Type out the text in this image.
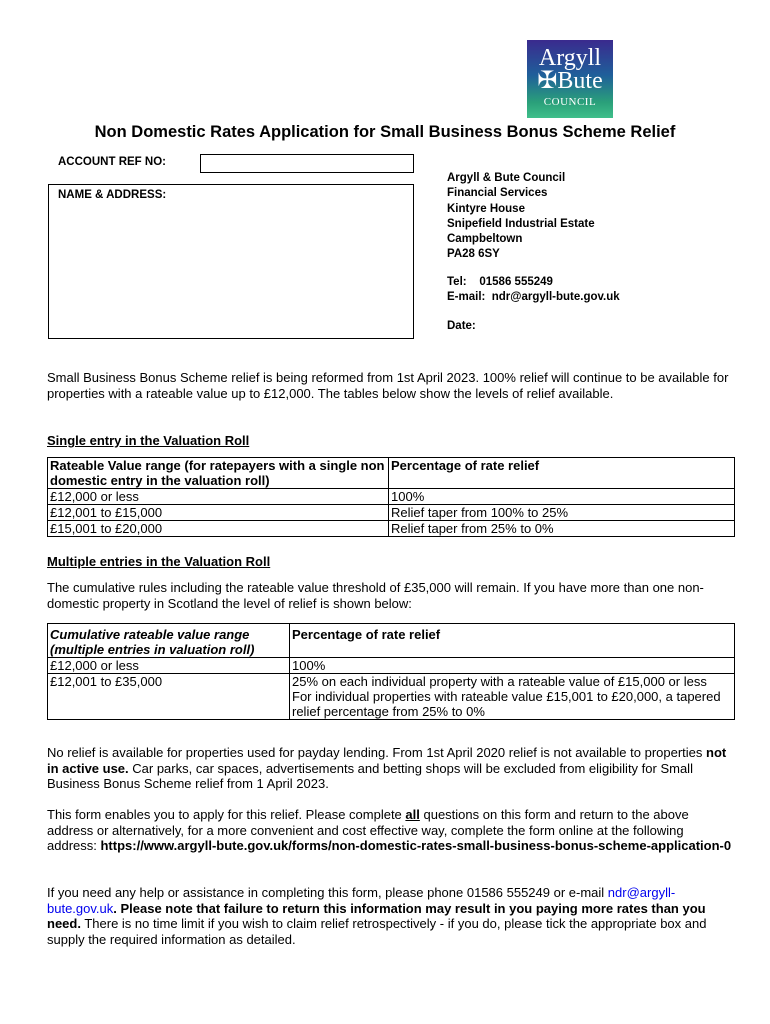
Argyll
✠Bute
COUNCIL
Non Domestic Rates Application for Small Business Bonus Scheme Relief
ACCOUNT REF NO:
NAME & ADDRESS:
Argyll & Bute Council
Financial Services
Kintyre House
Snipefield Industrial Estate
Campbeltown
PA28 6SY
Tel: 01586 555249
E-mail: ndr@argyll-bute.gov.uk
Date:
Small Business Bonus Scheme relief is being reformed from 1st April 2023. 100% relief will continue to be available for properties with a rateable value up to £12,000. The tables below show the levels of relief available.
Single entry in the Valuation Roll
Rateable Value range (for ratepayers with a single non domestic entry in the valuation roll)	Percentage of rate relief
£12,000 or less	100%
£12,001 to £15,000	Relief taper from 100% to 25%
£15,001 to £20,000	Relief taper from 25% to 0%
Multiple entries in the Valuation Roll
The cumulative rules including the rateable value threshold of £35,000 will remain. If you have more than one non-domestic property in Scotland the level of relief is shown below:
Cumulative rateable value range (multiple entries in valuation roll)	Percentage of rate relief
£12,000 or less	100%
£12,001 to £35,000	25% on each individual property with a rateable value of £15,000 or less
	For individual properties with rateable value £15,001 to £20,000, a tapered relief percentage from 25% to 0%
No relief is available for properties used for payday lending. From 1st April 2020 relief is not available to properties not in active use. Car parks, car spaces, advertisements and betting shops will be excluded from eligibility for Small Business Bonus Scheme relief from 1 April 2023.
This form enables you to apply for this relief. Please complete all questions on this form and return to the above address or alternatively, for a more convenient and cost effective way, complete the form online at the following address: https://www.argyll-bute.gov.uk/forms/non-domestic-rates-small-business-bonus-scheme-application-0
If you need any help or assistance in completing this form, please phone 01586 555249 or e-mail ndr@argyll-bute.gov.uk. Please note that failure to return this information may result in you paying more rates than you need. There is no time limit if you wish to claim relief retrospectively - if you do, please tick the appropriate box and supply the required information as detailed.
